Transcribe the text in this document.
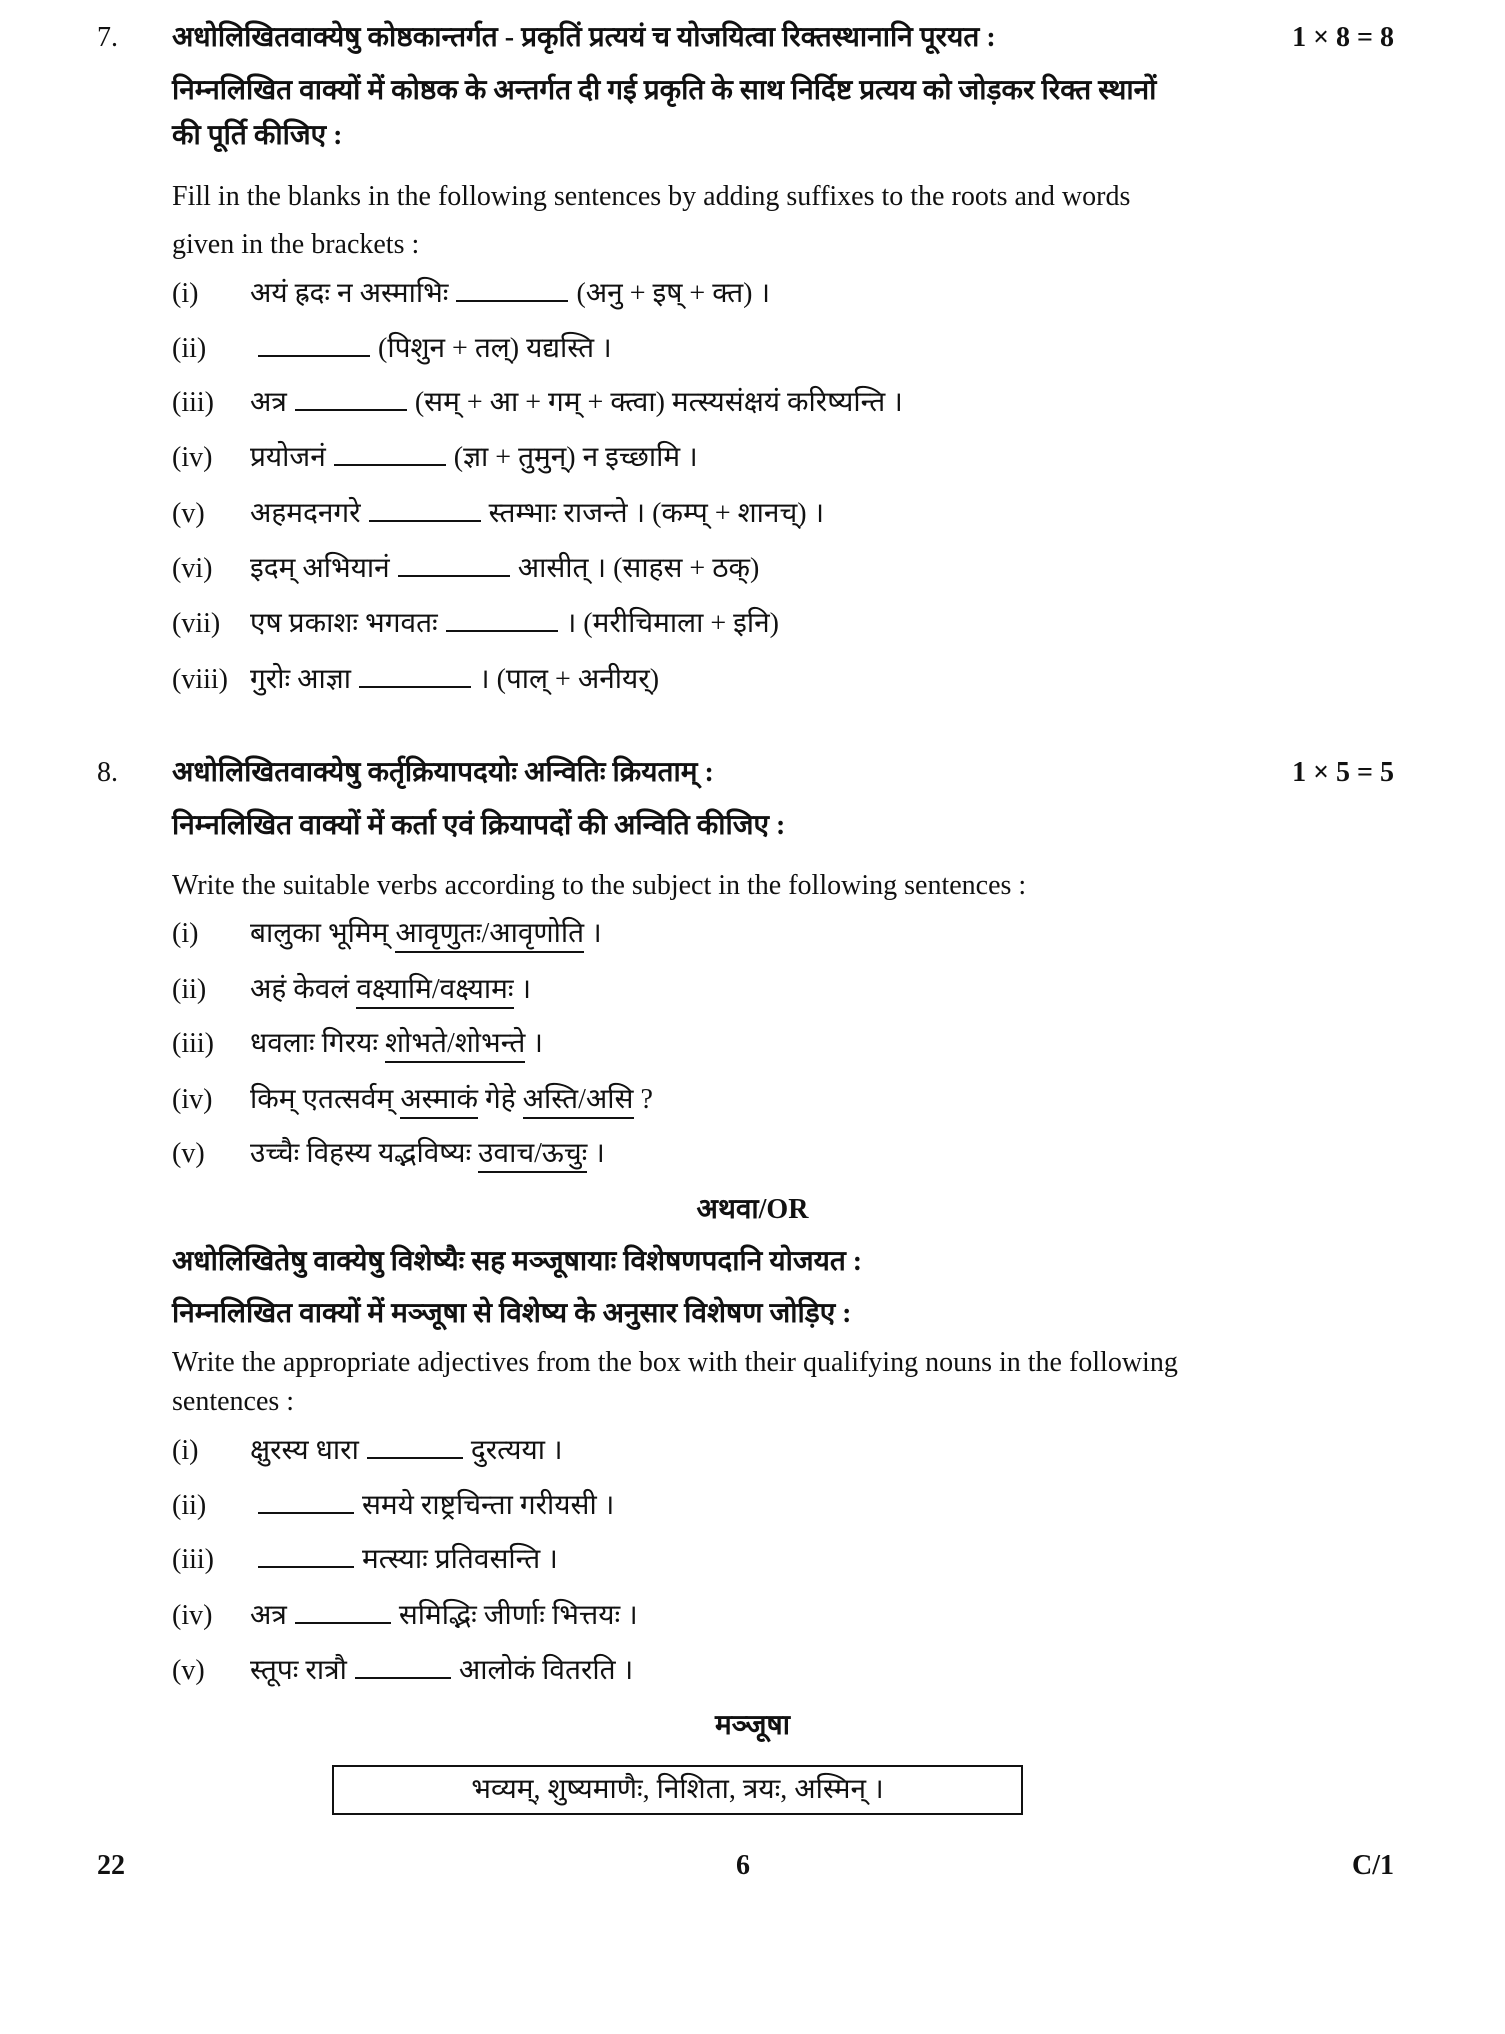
7. अधोलिखितवाक्येषु कोष्ठकान्तर्गत - प्रकृतिं प्रत्ययं च योजयित्वा रिक्तस्थानानि पूरयत :	1 × 8 = 8
निम्नलिखित वाक्यों में कोष्ठक के अन्तर्गत दी गई प्रकृति के साथ निर्दिष्ट प्रत्यय को जोड़कर रिक्त स्थानों
की पूर्ति कीजिए :
Fill in the blanks in the following sentences by adding suffixes to the roots and words
given in the brackets :
(i) अयं ह्रदः न अस्माभिः	(अनु + इष् + क्त) ।
(ii)	(पिशुन + तल्) यद्यस्ति ।
(iii) अत्र	(सम् + आ + गम् + क्त्वा) मत्स्यसंक्षयं करिष्यन्ति ।
(iv) प्रयोजनं	(ज्ञा + तुमुन्) न इच्छामि ।
(v) अहमदनगरे	स्तम्भाः राजन्ते । (कम्प् + शानच्) ।
(vi) इदम् अभियानं	आसीत् । (साहस + ठक्)
(vii) एष प्रकाशः भगवतः	। (मरीचिमाला + इनि)
(viii) गुरोः आज्ञा	। (पाल् + अनीयर्)
8. अधोलिखितवाक्येषु कर्तृक्रियापदयोः अन्वितिः क्रियताम् :	1 × 5 = 5
निम्नलिखित वाक्यों में कर्ता एवं क्रियापदों की अन्विति कीजिए :
Write the suitable verbs according to the subject in the following sentences :
(i) बालुका भूमिम् आवृणुतः/आवृणोति ।
(ii) अहं केवलं वक्ष्यामि/वक्ष्यामः ।
(iii) धवलाः गिरयः शोभते/शोभन्ते ।
(iv) किम् एतत्सर्वम् अस्माकं गेहे अस्ति/असि ?
(v) उच्चैः विहस्य यद्भविष्यः उवाच/ऊचुः ।
अथवा/OR
अधोलिखितेषु वाक्येषु विशेष्यैः सह मञ्जूषायाः विशेषणपदानि योजयत :
निम्नलिखित वाक्यों में मञ्जूषा से विशेष्य के अनुसार विशेषण जोड़िए :
Write the appropriate adjectives from the box with their qualifying nouns in the following
sentences :
(i) क्षुरस्य धारा	दुरत्यया ।
(ii)	समये राष्ट्रचिन्ता गरीयसी ।
(iii)	मत्स्याः प्रतिवसन्ति ।
(iv) अत्र	समिद्भिः जीर्णाः भित्तयः ।
(v) स्तूपः रात्रौ	आलोकं वितरति ।
मञ्जूषा
भव्यम्, शुष्यमाणैः, निशिता, त्रयः, अस्मिन् ।
22	6	C/1
